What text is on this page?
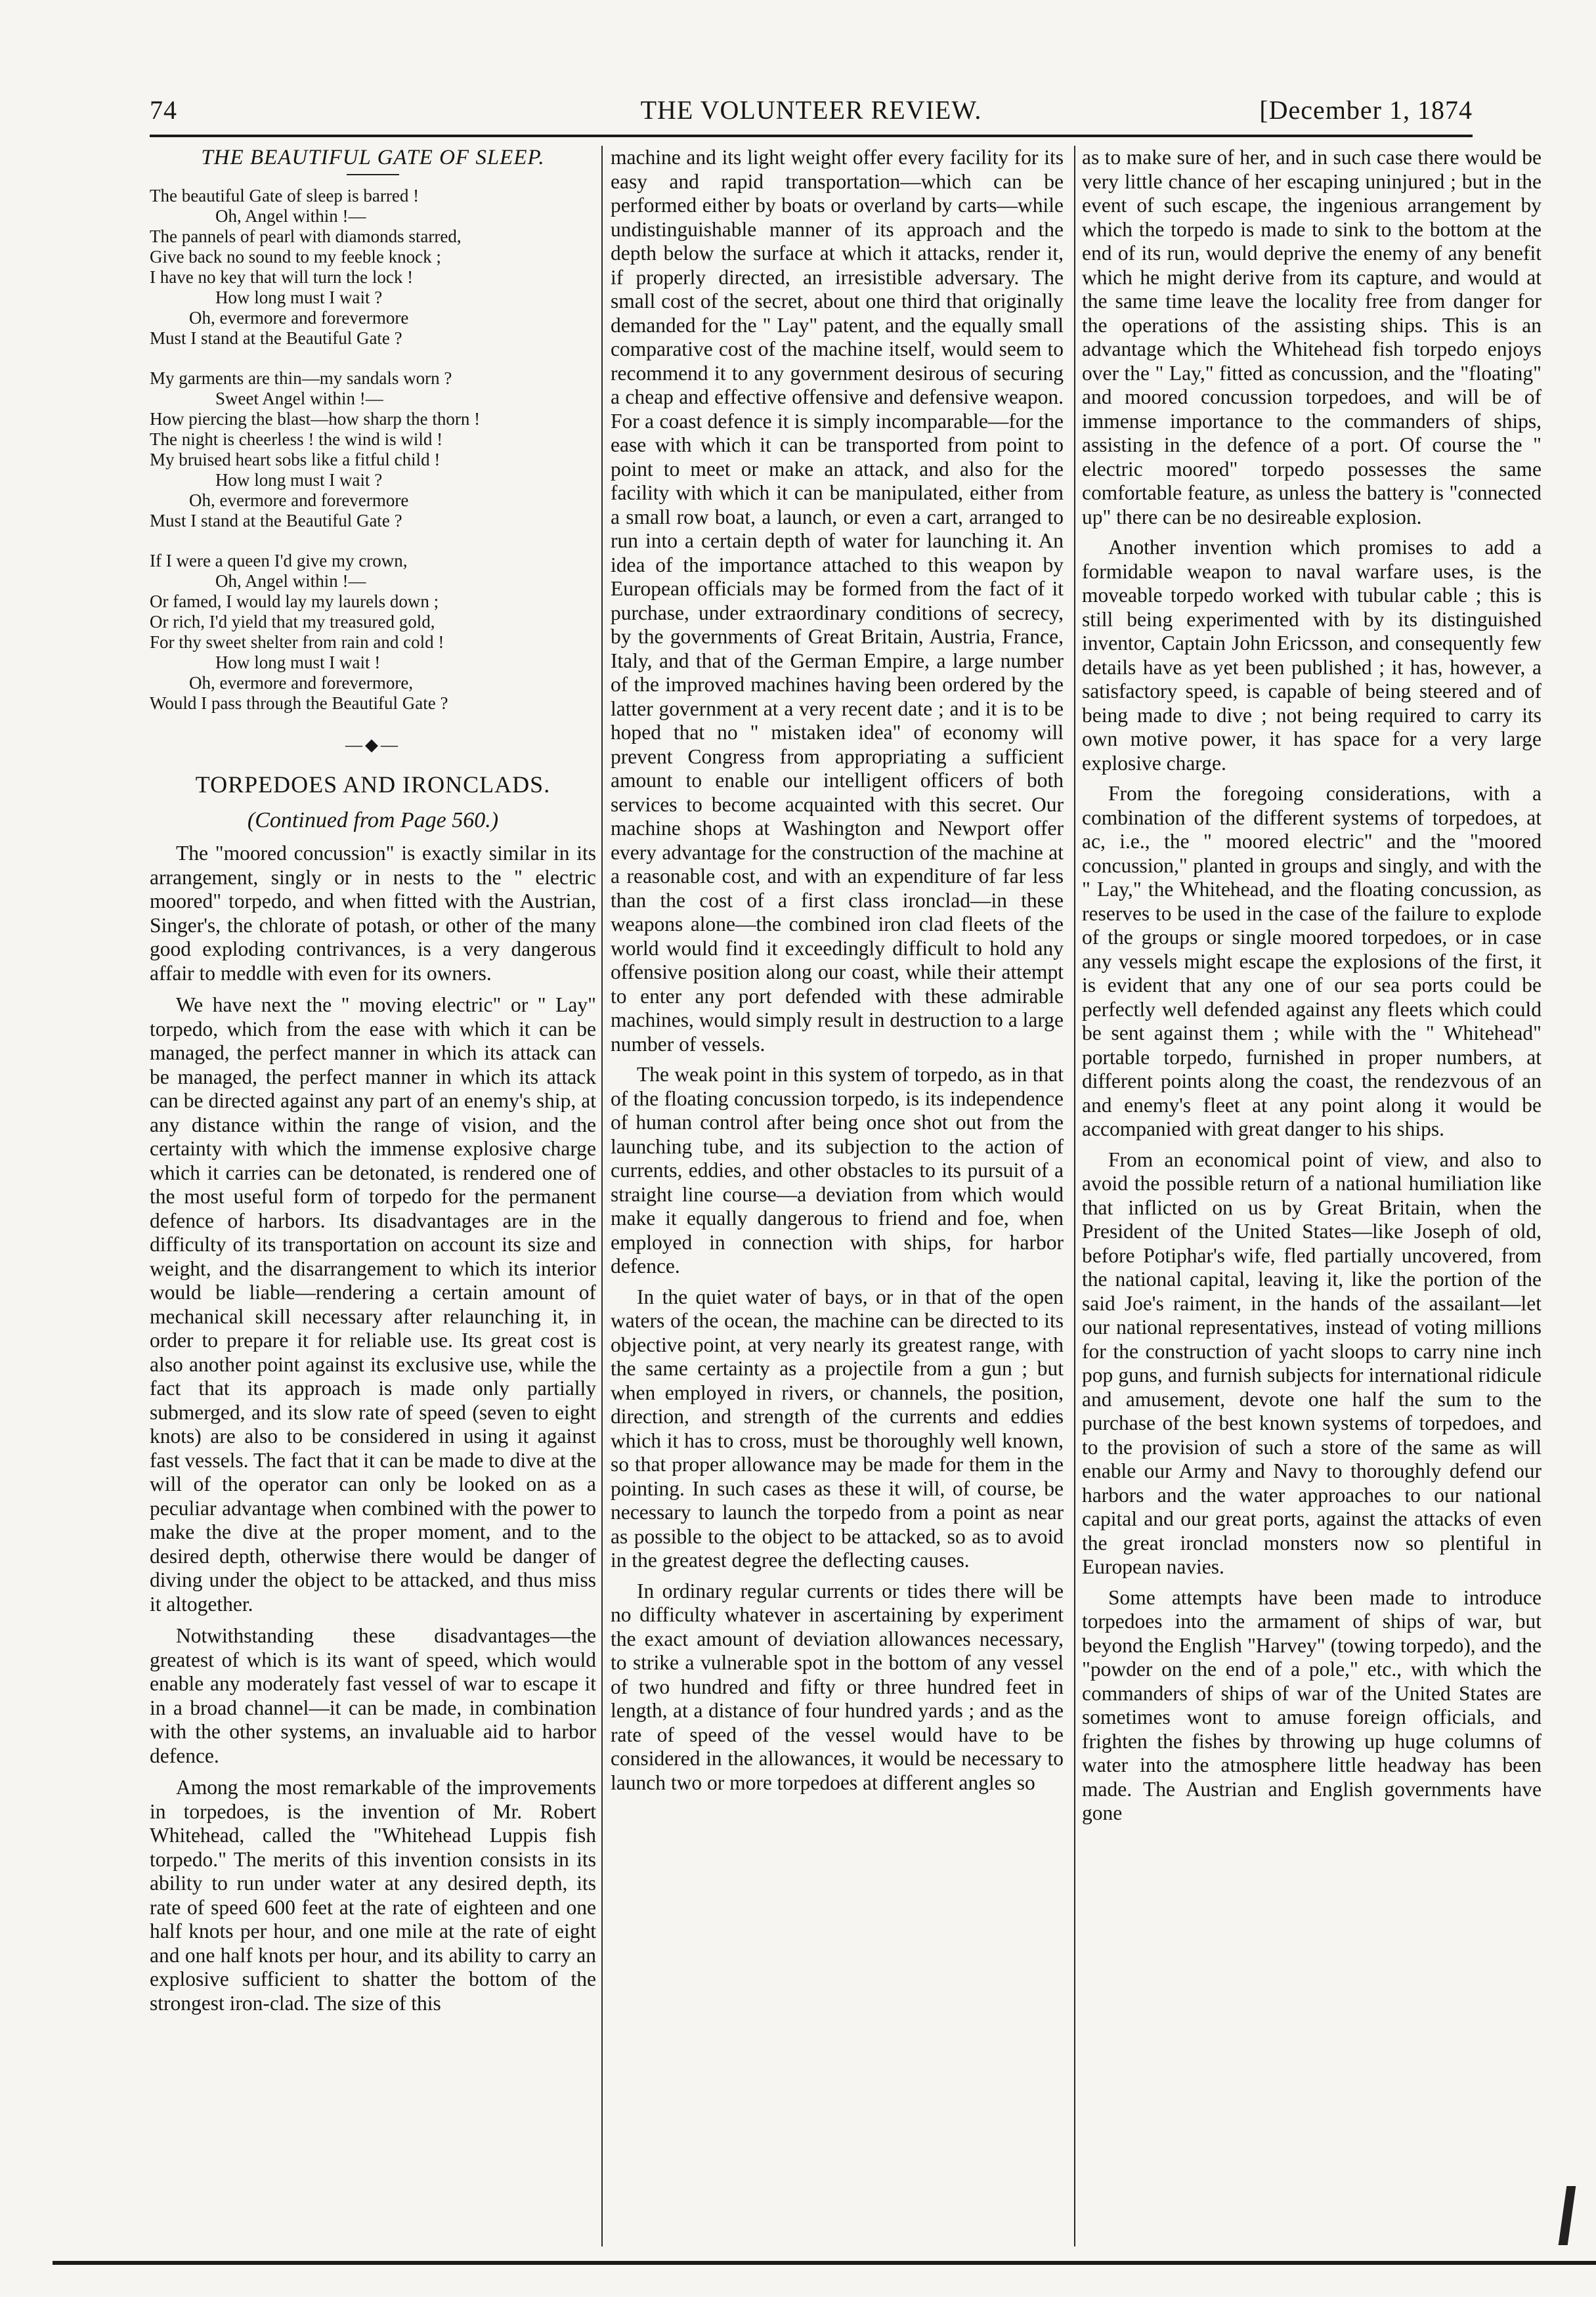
74	THE VOLUNTEER REVIEW.	[December 1, 1874
THE BEAUTIFUL GATE OF SLEEP.
The beautiful Gate of sleep is barred !
Oh, Angel within !—
The pannels of pearl with diamonds starred,
Give back no sound to my feeble knock ;
I have no key that will turn the lock !
How long must I wait ?
Oh, evermore and forevermore
Must I stand at the Beautiful Gate ?
My garments are thin—my sandals worn ?
Sweet Angel within !—
How piercing the blast—how sharp the thorn !
The night is cheerless ! the wind is wild !
My bruised heart sobs like a fitful child !
How long must I wait ?
Oh, evermore and forevermore
Must I stand at the Beautiful Gate ?
If I were a queen I'd give my crown,
Oh, Angel within !—
Or famed, I would lay my laurels down ;
Or rich, I'd yield that my treasured gold,
For thy sweet shelter from rain and cold !
How long must I wait !
Oh, evermore and forevermore,
Would I pass through the Beautiful Gate ?
—◆—
TORPEDOES AND IRONCLADS.
(Continued from Page 560.)

The "moored concussion" is exactly similar in its arrangement, singly or in nests to the " electric moored" torpedo, and when fitted with the Austrian, Singer's, the chlorate of potash, or other of the many good exploding contrivances, is a very dangerous affair to meddle with even for its owners.

We have next the " moving electric" or " Lay" torpedo, which from the ease with which it can be managed, the perfect manner in which its attack can be managed, the perfect manner in which its attack can be directed against any part of an enemy's ship, at any distance within the range of vision, and the certainty with which the immense explosive charge which it carries can be detonated, is rendered one of the most useful form of torpedo for the permanent defence of harbors. Its disadvantages are in the difficulty of its transportation on account its size and weight, and the disarrangement to which its interior would be liable—rendering a certain amount of mechanical skill necessary after relaunching it, in order to prepare it for reliable use. Its great cost is also another point against its exclusive use, while the fact that its approach is made only partially submerged, and its slow rate of speed (seven to eight knots) are also to be considered in using it against fast vessels. The fact that it can be made to dive at the will of the operator can only be looked on as a peculiar advantage when combined with the power to make the dive at the proper moment, and to the desired depth, otherwise there would be danger of diving under the object to be attacked, and thus miss it altogether.

Notwithstanding these disadvantages—the greatest of which is its want of speed, which would enable any moderately fast vessel of war to escape it in a broad channel—it can be made, in combination with the other systems, an invaluable aid to harbor defence.

Among the most remarkable of the improvements in torpedoes, is the invention of Mr. Robert Whitehead, called the "Whitehead Luppis fish torpedo." The merits of this invention consists in its ability to run under water at any desired depth, its rate of speed 600 feet at the rate of eighteen and one half knots per hour, and one mile at the rate of eight and one half knots per hour, and its ability to carry an explosive sufficient to shatter the bottom of the strongest iron-clad. The size of this

machine and its light weight offer every facility for its easy and rapid transportation—which can be performed either by boats or overland by carts—while undistinguishable manner of its approach and the depth below the surface at which it attacks, render it, if properly directed, an irresistible adversary. The small cost of the secret, about one third that originally demanded for the " Lay" patent, and the equally small comparative cost of the machine itself, would seem to recommend it to any government desirous of securing a cheap and effective offensive and defensive weapon. For a coast defence it is simply incomparable—for the ease with which it can be transported from point to point to meet or make an attack, and also for the facility with which it can be manipulated, either from a small row boat, a launch, or even a cart, arranged to run into a certain depth of water for launching it. An idea of the importance attached to this weapon by European officials may be formed from the fact of it purchase, under extraordinary conditions of secrecy, by the governments of Great Britain, Austria, France, Italy, and that of the German Empire, a large number of the improved machines having been ordered by the latter government at a very recent date ; and it is to be hoped that no " mistaken idea" of economy will prevent Congress from appropriating a sufficient amount to enable our intelligent officers of both services to become acquainted with this secret. Our machine shops at Washington and Newport offer every advantage for the construction of the machine at a reasonable cost, and with an expenditure of far less than the cost of a first class ironclad—in these weapons alone—the combined iron clad fleets of the world would find it exceedingly difficult to hold any offensive position along our coast, while their attempt to enter any port defended with these admirable machines, would simply result in destruction to a large number of vessels.

The weak point in this system of torpedo, as in that of the floating concussion torpedo, is its independence of human control after being once shot out from the launching tube, and its subjection to the action of currents, eddies, and other obstacles to its pursuit of a straight line course—a deviation from which would make it equally dangerous to friend and foe, when employed in connection with ships, for harbor defence.

In the quiet water of bays, or in that of the open waters of the ocean, the machine can be directed to its objective point, at very nearly its greatest range, with the same certainty as a projectile from a gun ; but when employed in rivers, or channels, the position, direction, and strength of the currents and eddies which it has to cross, must be thoroughly well known, so that proper allowance may be made for them in the pointing. In such cases as these it will, of course, be necessary to launch the torpedo from a point as near as possible to the object to be attacked, so as to avoid in the greatest degree the deflecting causes.

In ordinary regular currents or tides there will be no difficulty whatever in ascertaining by experiment the exact amount of deviation allowances necessary, to strike a vulnerable spot in the bottom of any vessel of two hundred and fifty or three hundred feet in length, at a distance of four hundred yards ; and as the rate of speed of the vessel would have to be considered in the allowances, it would be necessary to launch two or more torpedoes at different angles so

as to make sure of her, and in such case there would be very little chance of her escaping uninjured ; but in the event of such escape, the ingenious arrangement by which the torpedo is made to sink to the bottom at the end of its run, would deprive the enemy of any benefit which he might derive from its capture, and would at the same time leave the locality free from danger for the operations of the assisting ships. This is an advantage which the Whitehead fish torpedo enjoys over the " Lay," fitted as concussion, and the "floating" and moored concussion torpedoes, and will be of immense importance to the commanders of ships, assisting in the defence of a port. Of course the " electric moored" torpedo possesses the same comfortable feature, as unless the battery is "connected up" there can be no desireable explosion.

Another invention which promises to add a formidable weapon to naval warfare uses, is the moveable torpedo worked with tubular cable ; this is still being experimented with by its distinguished inventor, Captain John Ericsson, and consequently few details have as yet been published ; it has, however, a satisfactory speed, is capable of being steered and of being made to dive ; not being required to carry its own motive power, it has space for a very large explosive charge.

From the foregoing considerations, with a combination of the different systems of torpedoes, at ac, i.e., the " moored electric" and the "moored concussion," planted in groups and singly, and with the " Lay," the Whitehead, and the floating concussion, as reserves to be used in the case of the failure to explode of the groups or single moored torpedoes, or in case any vessels might escape the explosions of the first, it is evident that any one of our sea ports could be perfectly well defended against any fleets which could be sent against them ; while with the " Whitehead" portable torpedo, furnished in proper numbers, at different points along the coast, the rendezvous of an and enemy's fleet at any point along it would be accompanied with great danger to his ships.

From an economical point of view, and also to avoid the possible return of a national humiliation like that inflicted on us by Great Britain, when the President of the United States—like Joseph of old, before Potiphar's wife, fled partially uncovered, from the national capital, leaving it, like the portion of the said Joe's raiment, in the hands of the assailant—let our national representatives, instead of voting millions for the construction of yacht sloops to carry nine inch pop guns, and furnish subjects for international ridicule and amusement, devote one half the sum to the purchase of the best known systems of torpedoes, and to the provision of such a store of the same as will enable our Army and Navy to thoroughly defend our harbors and the water approaches to our national capital and our great ports, against the attacks of even the great ironclad monsters now so plentiful in European navies.

Some attempts have been made to introduce torpedoes into the armament of ships of war, but beyond the English "Harvey" (towing torpedo), and the "powder on the end of a pole," etc., with which the commanders of ships of war of the United States are sometimes wont to amuse foreign officials, and frighten the fishes by throwing up huge columns of water into the atmosphere little headway has been made. The Austrian and English governments have gone
